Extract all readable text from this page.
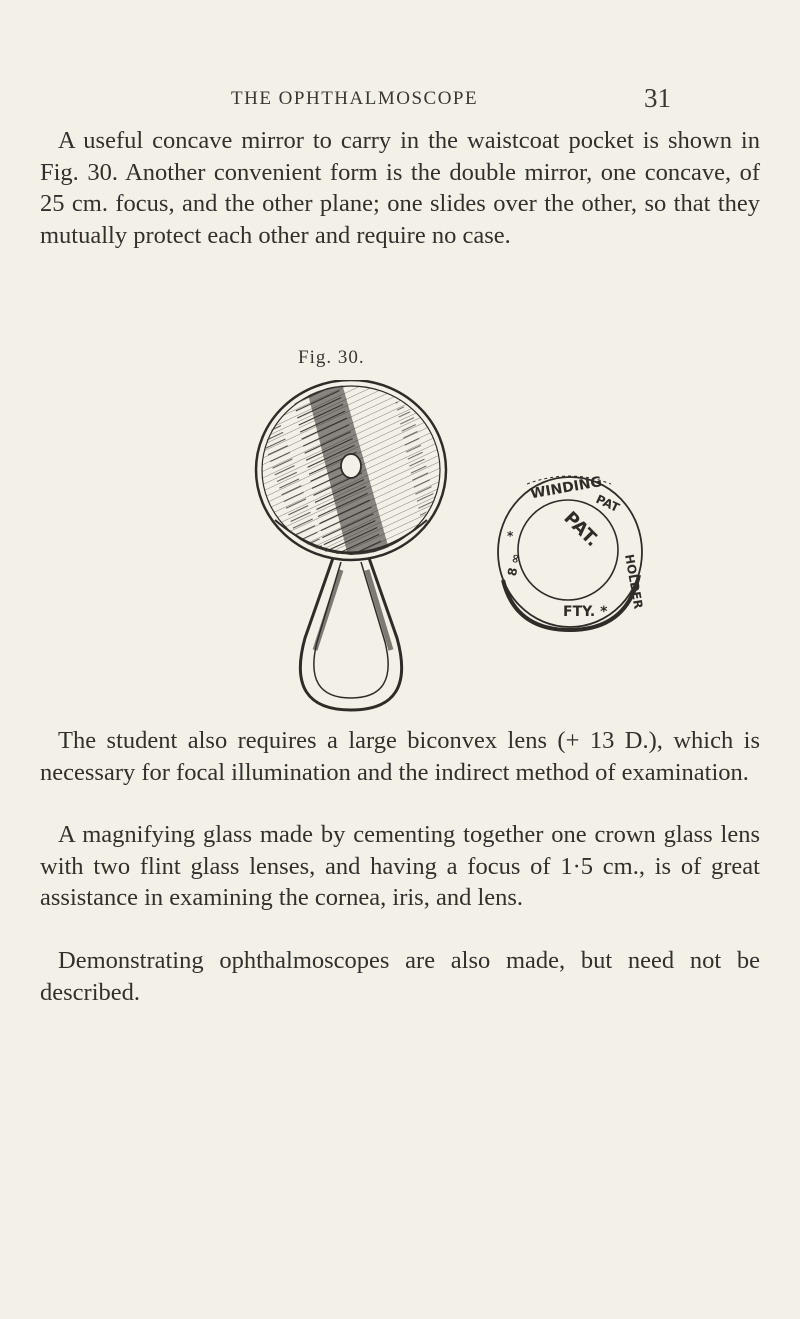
THE OPHTHALMOSCOPE	31

A useful concave mirror to carry in the waistcoat pocket is shown in Fig. 30. Another convenient form is the double mirror, one concave, of 25 cm. focus, and the other plane; one slides over the other, so that they mutually protect each other and require no case.

Fig. 30.
WINDING
PAT
HOLDER
FTY. *
*
8 ∞
PAT.

The student also requires a large biconvex lens (+ 13 D.), which is necessary for focal illumination and the indirect method of examination.

A magnifying glass made by cementing together one crown glass lens with two flint glass lenses, and having a focus of 1·5 cm., is of great assistance in examining the cornea, iris, and lens.

Demonstrating ophthalmoscopes are also made, but need not be described.
